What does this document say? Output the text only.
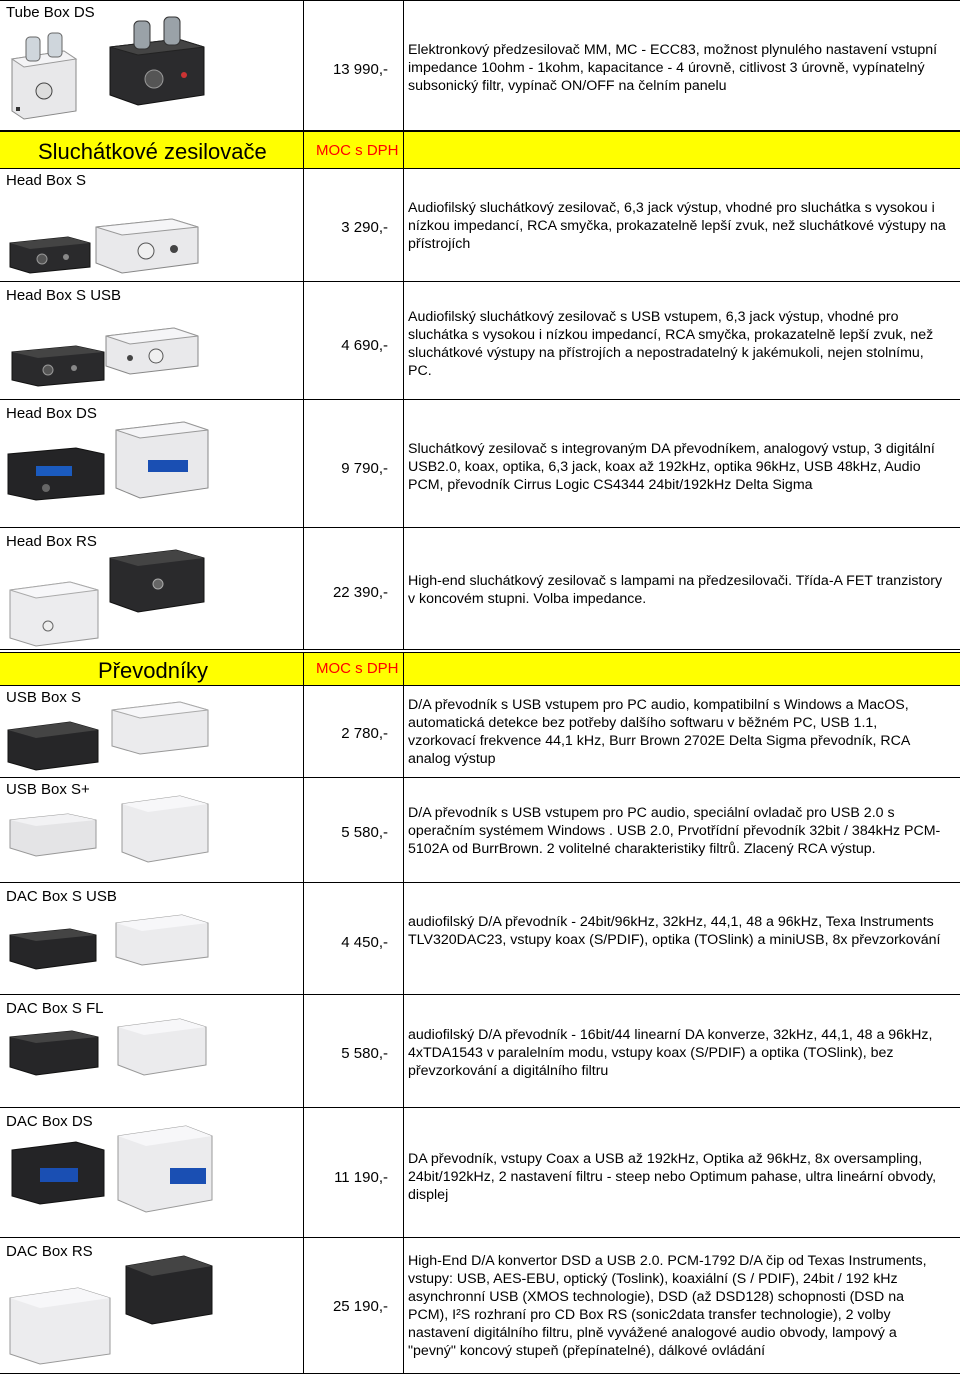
Tube Box DS
13 990,-
Elektronkový předzesilovač MM, MC - ECC83, možnost plynulého nastavení vstupní impedance 10ohm - 1kohm, kapacitance - 4 úrovně, citlivost 3 úrovně, vypínatelný subsonický filtr, vypínač ON/OFF na čelním panelu
Sluchátkové zesilovače	MOC s DPH
Head Box S
3 290,-
Audiofilský sluchátkový zesilovač, 6,3 jack výstup, vhodné pro sluchátka s vysokou i nízkou impedancí, RCA smyčka, prokazatelně lepší zvuk, než sluchátkové výstupy na přístrojích
Head Box S USB
4 690,-
Audiofilský sluchátkový zesilovač s USB vstupem, 6,3 jack výstup, vhodné pro sluchátka s vysokou i nízkou impedancí, RCA smyčka, prokazatelně lepší zvuk, než sluchátkové výstupy na přístrojích a nepostradatelný k jakémukoli, nejen stolnímu, PC.
Head Box DS
9 790,-
Sluchátkový zesilovač s integrovaným DA převodníkem, analogový vstup, 3 digitální USB2.0, koax, optika, 6,3 jack, koax až 192kHz, optika 96kHz, USB 48kHz, Audio PCM, převodník Cirrus Logic CS4344 24bit/192kHz Delta Sigma
Head Box RS
22 390,-
High-end sluchátkový zesilovač s lampami na předzesilovači. Třída-A FET tranzistory v koncovém stupni. Volba impedance.
Převodníky	MOC s DPH
USB Box S
2 780,-
D/A převodník s USB vstupem pro PC audio, kompatibilní s Windows a MacOS, automatická detekce bez potřeby dalšího softwaru v běžném PC, USB 1.1, vzorkovací frekvence 44,1 kHz, Burr Brown 2702E Delta Sigma převodník, RCA analog výstup
USB Box S+
5 580,-
D/A převodník s USB vstupem pro PC audio, speciální ovladač pro USB 2.0 s operačním systémem Windows . USB 2.0, Prvotřídní převodník 32bit / 384kHz PCM-5102A od BurrBrown. 2 volitelné charakteristiky filtrů. Zlacený RCA výstup.
DAC Box S USB
4 450,-
audiofilský D/A převodník - 24bit/96kHz, 32kHz, 44,1, 48 a 96kHz, Texa Instruments TLV320DAC23, vstupy koax (S/PDIF), optika (TOSlink) a miniUSB, 8x převzorkování
DAC Box S FL
5 580,-
audiofilský D/A převodník - 16bit/44 linearní DA konverze, 32kHz, 44,1, 48 a 96kHz, 4xTDA1543 v paralelním modu, vstupy koax (S/PDIF) a optika (TOSlink), bez převzorkování a digitálního filtru
DAC Box DS
11 190,-
DA převodník, vstupy Coax a USB až 192kHz, Optika až 96kHz, 8x oversampling, 24bit/192kHz, 2 nastavení filtru - steep nebo Optimum pahase, ultra lineární obvody, displej
DAC Box RS
25 190,-
High-End D/A konvertor DSD a USB 2.0. PCM-1792 D/A čip od Texas Instruments, vstupy: USB, AES-EBU, optický (Toslink), koaxiální (S / PDIF), 24bit / 192 kHz asynchronní USB (XMOS technologie), DSD (až DSD128) schopnosti (DSD na PCM), I²S rozhraní pro CD Box RS (sonic2data transfer technologie), 2 volby nastavení digitálního filtru, plně vyvážené analogové audio obvody, lampový a "pevný" koncový stupeň (přepínatelné), dálkové ovládání
